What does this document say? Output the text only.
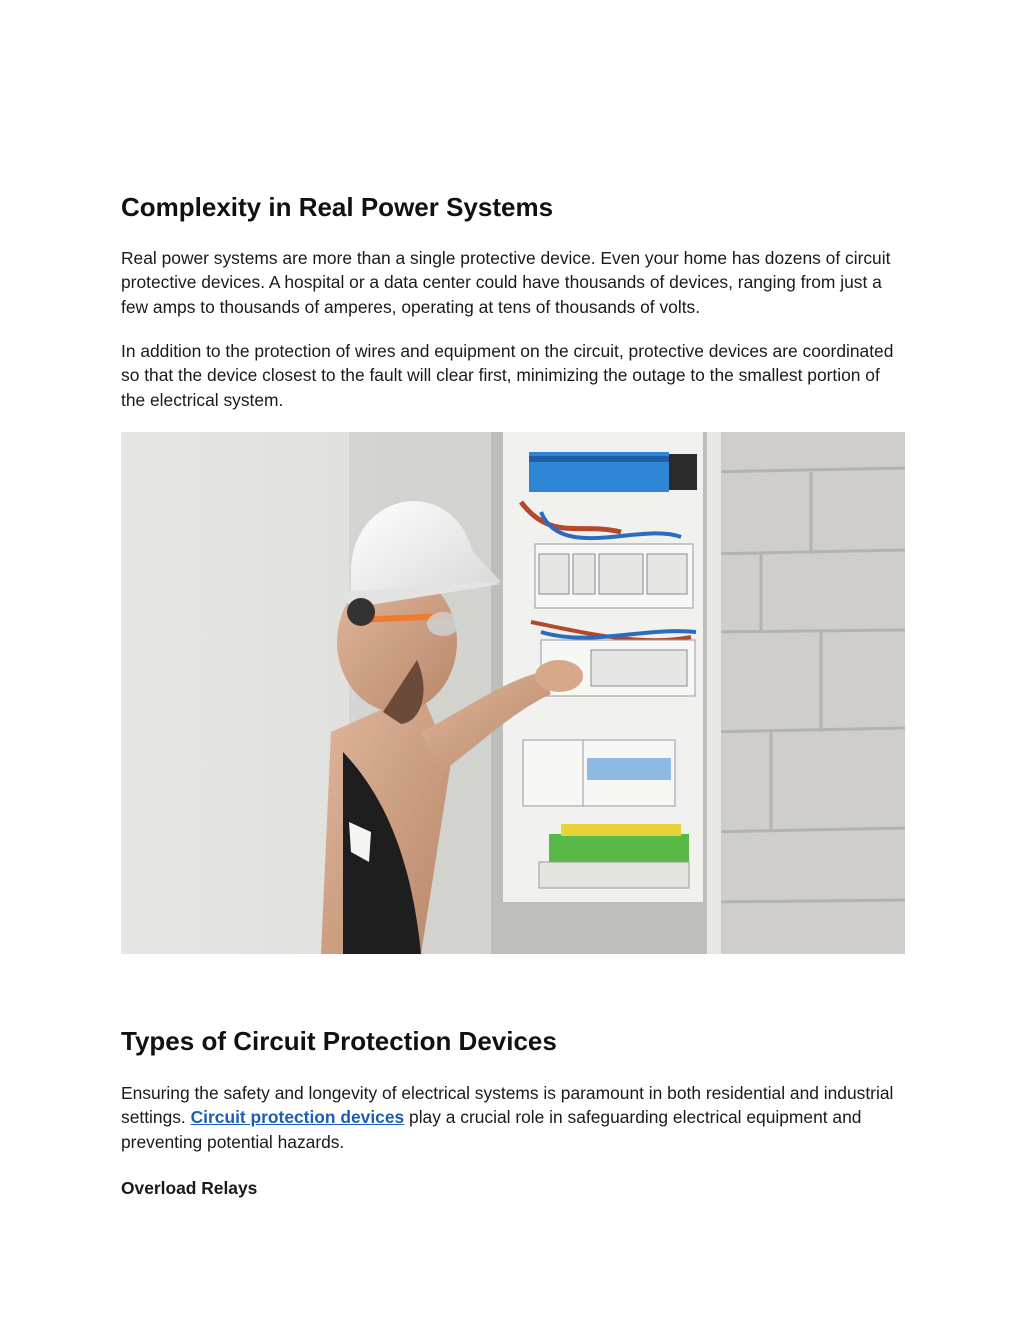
Complexity in Real Power Systems

Real power systems are more than a single protective device. Even your home has dozens of circuit protective devices. A hospital or a data center could have thousands of devices, ranging from just a few amps to thousands of amperes, operating at tens of thousands of volts.

In addition to the protection of wires and equipment on the circuit, protective devices are coordinated so that the device closest to the fault will clear first, minimizing the outage to the smallest portion of the electrical system.

Types of Circuit Protection Devices

Ensuring the safety and longevity of electrical systems is paramount in both residential and industrial settings. Circuit protection devices play a crucial role in safeguarding electrical equipment and preventing potential hazards.

Overload Relays
